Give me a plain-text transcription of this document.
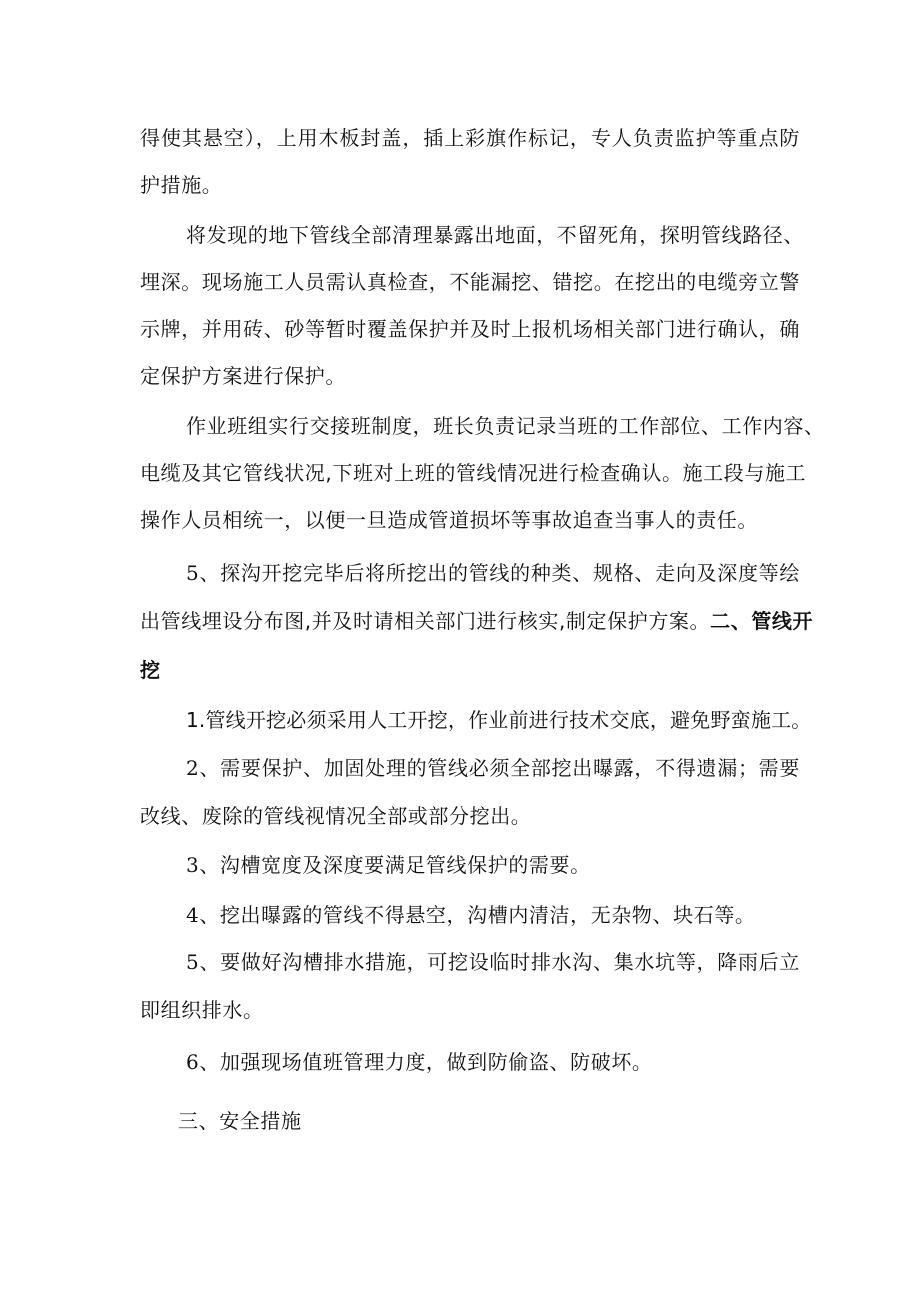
得使其悬空），上用木板封盖，插上彩旗作标记，专人负责监护等重点防
护措施。
将发现的地下管线全部清理暴露出地面，不留死角，探明管线路径、
埋深。现场施工人员需认真检查，不能漏挖、错挖。在挖出的电缆旁立警
示牌，并用砖、砂等暂时覆盖保护并及时上报机场相关部门进行确认，确
定保护方案进行保护。
作业班组实行交接班制度，班长负责记录当班的工作部位、工作内容、
电缆及其它管线状况,下班对上班的管线情况进行检查确认。施工段与施工
操作人员相统一，以便一旦造成管道损坏等事故追查当事人的责任。
5、探沟开挖完毕后将所挖出的管线的种类、规格、走向及深度等绘
出管线埋设分布图,并及时请相关部门进行核实,制定保护方案。二、管线开
挖
1.管线开挖必须采用人工开挖，作业前进行技术交底，避免野蛮施工。
2、需要保护、加固处理的管线必须全部挖出曝露，不得遗漏；需要
改线、废除的管线视情况全部或部分挖出。
3、沟槽宽度及深度要满足管线保护的需要。
4、挖出曝露的管线不得悬空，沟槽内清洁，无杂物、块石等。
5、要做好沟槽排水措施，可挖设临时排水沟、集水坑等，降雨后立
即组织排水。
6、加强现场值班管理力度，做到防偷盗、防破坏。
三、安全措施
